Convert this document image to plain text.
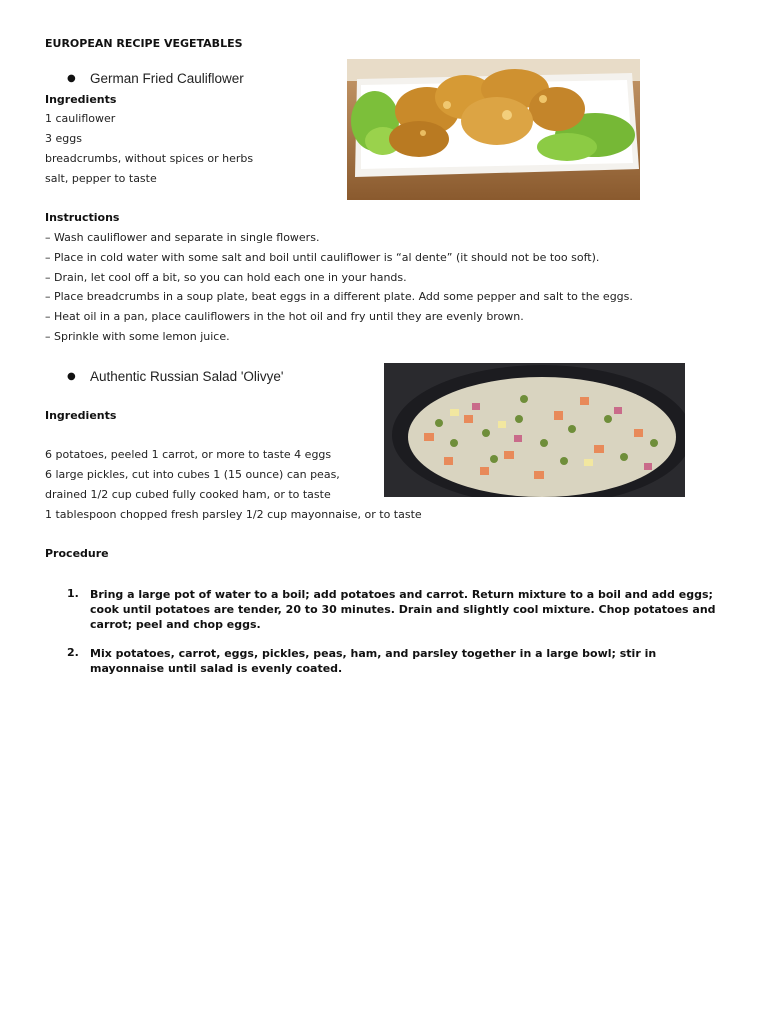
EUROPEAN RECIPE VEGETABLES
● German Fried Cauliflower
Ingredients
1 cauliflower
3 eggs
breadcrumbs, without spices or herbs
salt, pepper to taste
Instructions
– Wash cauliflower and separate in single flowers.
– Place in cold water with some salt and boil until cauliflower is “al dente” (it should not be too soft).
– Drain, let cool off a bit, so you can hold each one in your hands.
– Place breadcrumbs in a soup plate, beat eggs in a different plate. Add some pepper and salt to the eggs.
– Heat oil in a pan, place cauliflowers in the hot oil and fry until they are evenly brown.
– Sprinkle with some lemon juice.
● Authentic Russian Salad 'Olivye'
Ingredients
6 potatoes, peeled 1 carrot, or more to taste 4 eggs
6 large pickles, cut into cubes 1 (15 ounce) can peas,
drained 1/2 cup cubed fully cooked ham, or to taste
1 tablespoon chopped fresh parsley 1/2 cup mayonnaise, or to taste
Procedure
1. Bring a large pot of water to a boil; add potatoes and carrot. Return mixture to a boil and add eggs; cook until potatoes are tender, 20 to 30 minutes. Drain and slightly cool mixture. Chop potatoes and carrot; peel and chop eggs.
2. Mix potatoes, carrot, eggs, pickles, peas, ham, and parsley together in a large bowl; stir in mayonnaise until salad is evenly coated.
